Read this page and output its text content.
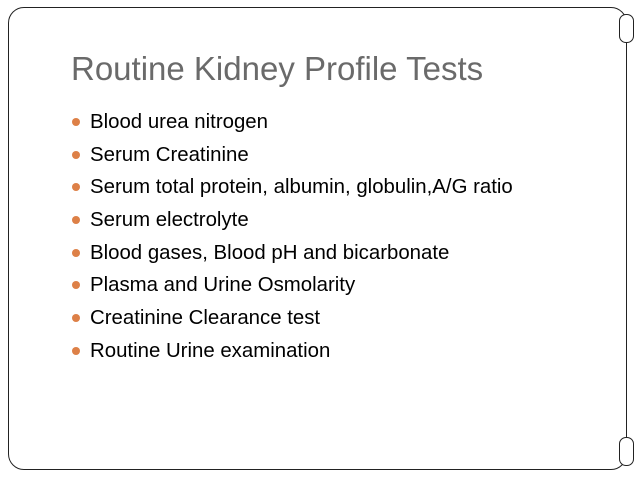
Routine Kidney Profile Tests
Blood urea nitrogen
Serum Creatinine
Serum total protein, albumin, globulin,A/G ratio
Serum electrolyte
Blood gases, Blood pH and bicarbonate
Plasma and Urine Osmolarity
Creatinine Clearance test
Routine Urine examination
